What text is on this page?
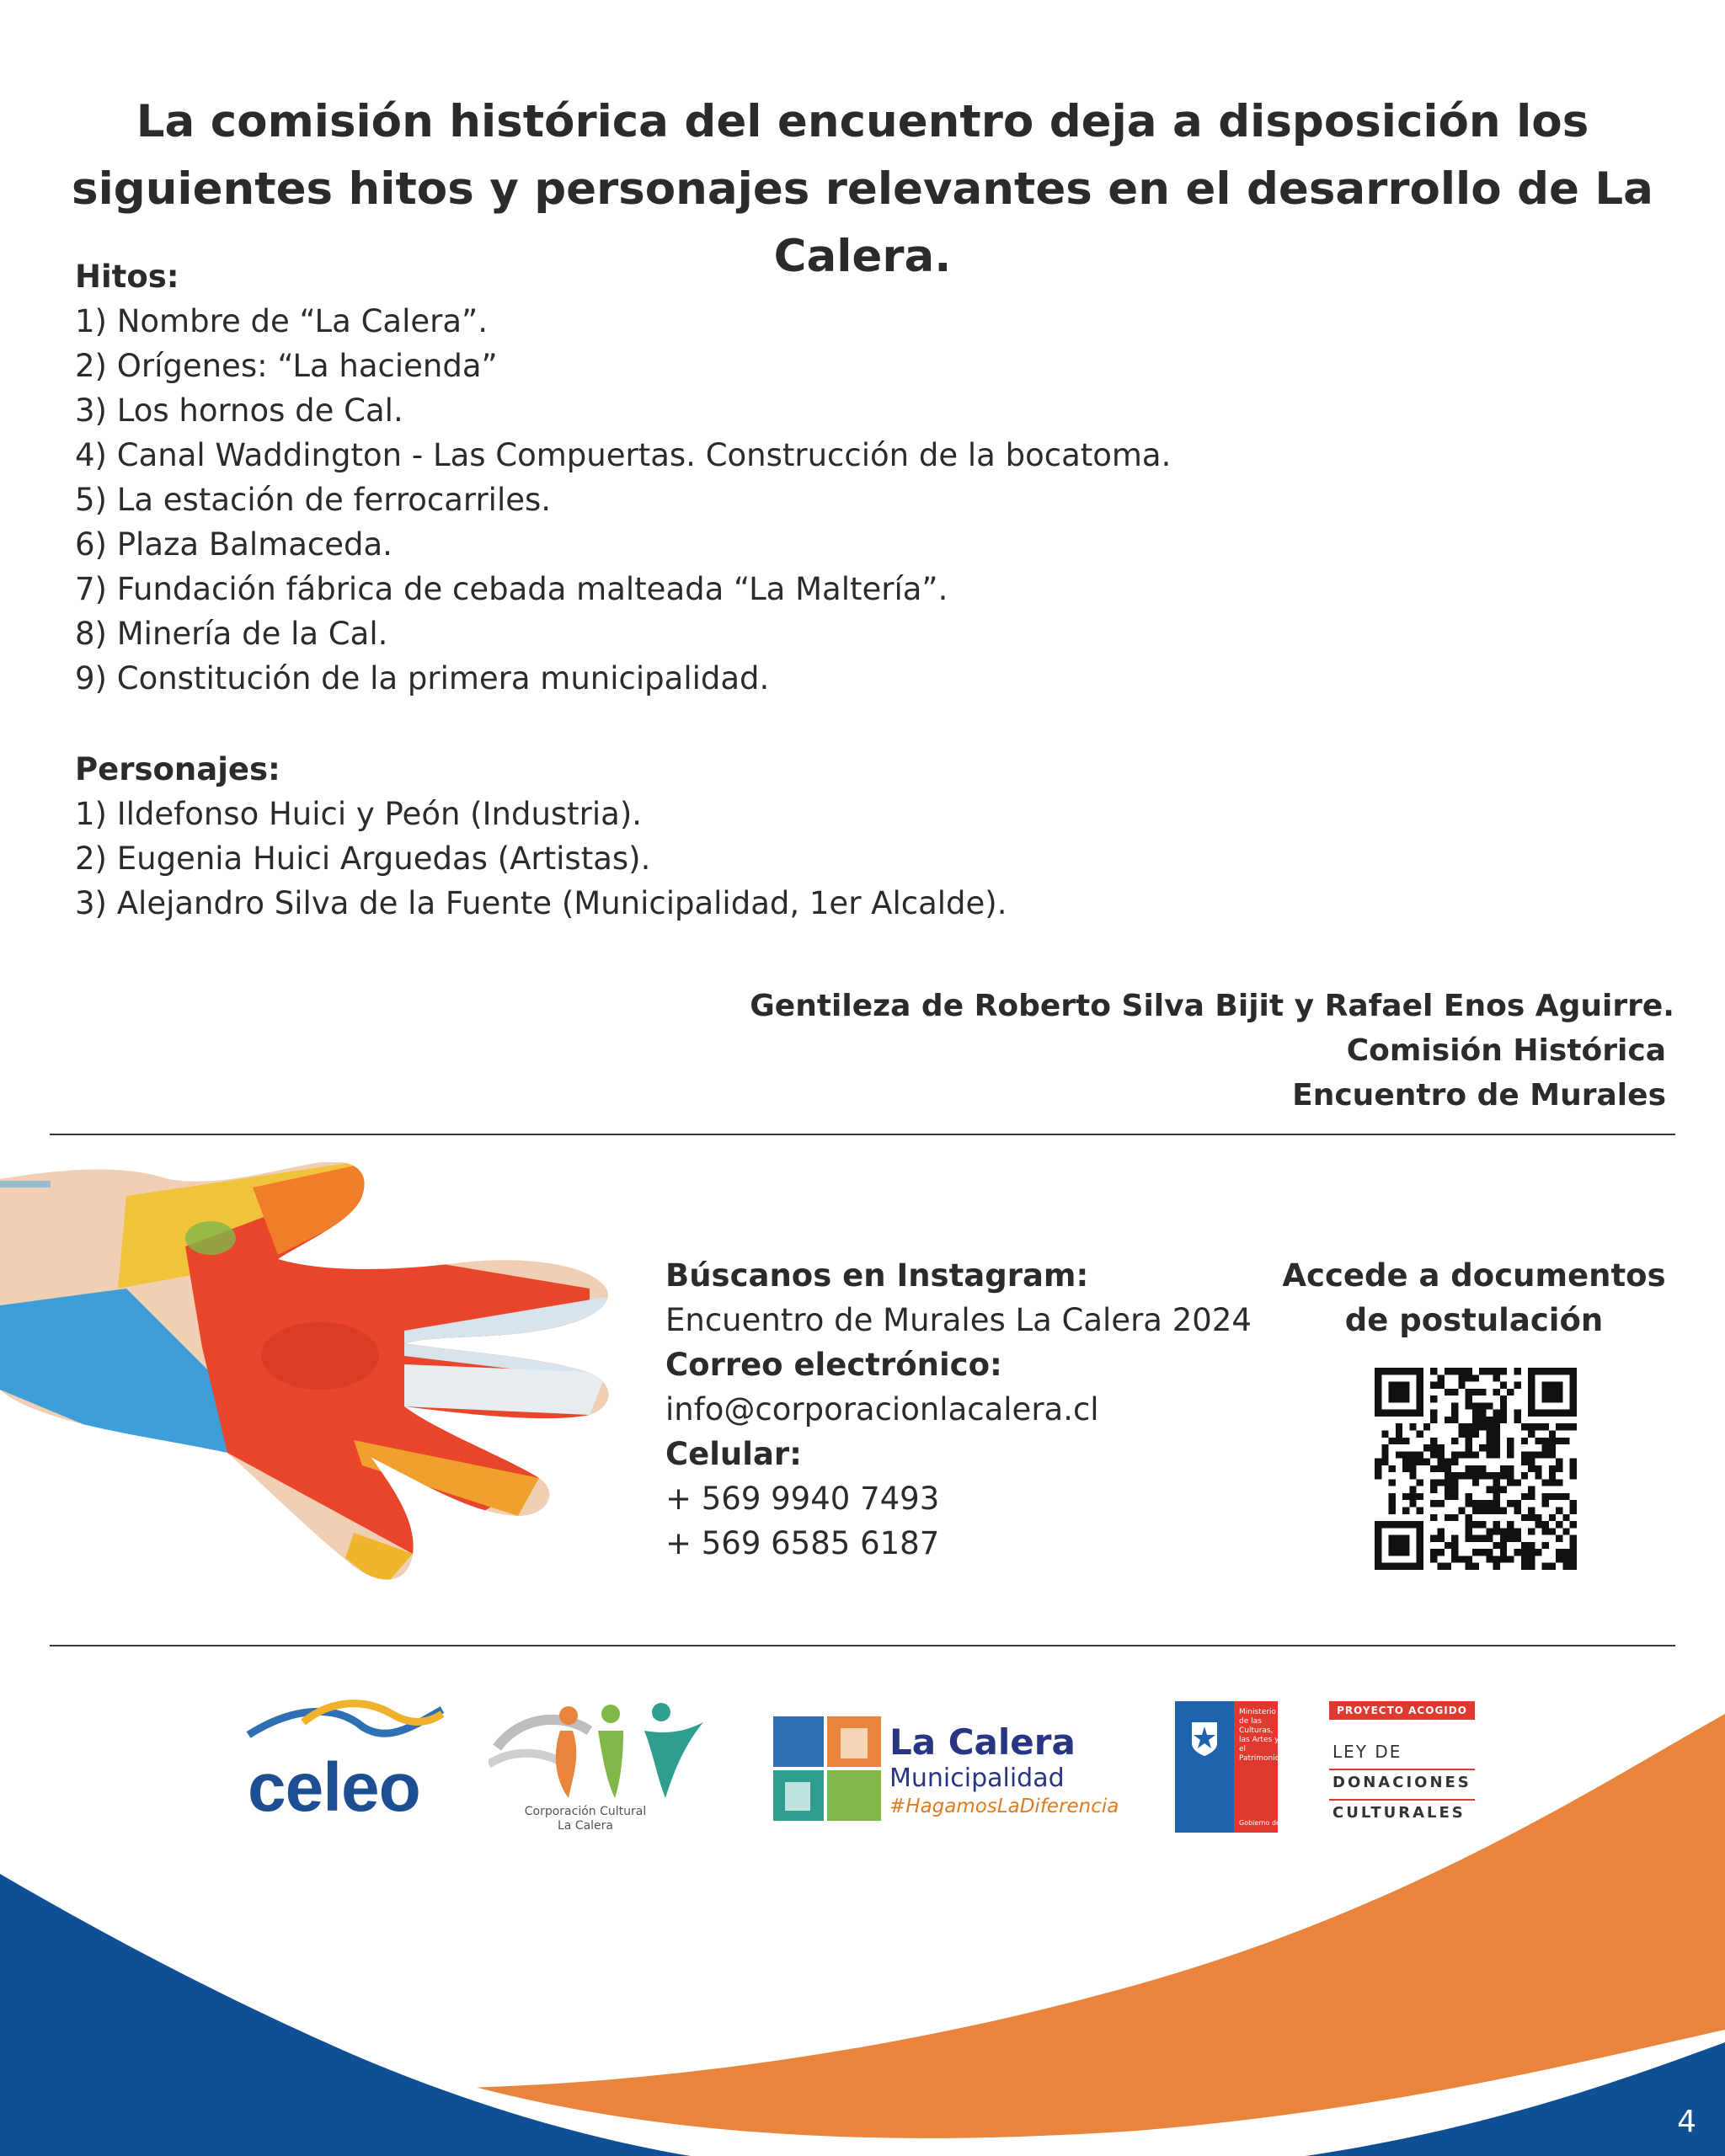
La comisión histórica del encuentro deja a disposición los siguientes hitos y personajes relevantes en el desarrollo de La Calera.
Hitos:
1) Nombre de “La Calera”.
2) Orígenes: “La hacienda”
3) Los hornos de Cal.
4) Canal Waddington - Las Compuertas. Construcción de la bocatoma.
5) La estación de ferrocarriles.
6) Plaza Balmaceda.
7) Fundación fábrica de cebada malteada “La Maltería”.
8) Minería de la Cal.
9) Constitución de la primera municipalidad.
Personajes:
1) Ildefonso Huici y Peón (Industria).
2) Eugenia Huici Arguedas (Artistas).
3) Alejandro Silva de la Fuente (Municipalidad, 1er Alcalde).
Gentileza de Roberto Silva Bijit y Rafael Enos Aguirre.
Comisión Histórica
Encuentro de Murales
Búscanos en Instagram:
Encuentro de Murales La Calera 2024
Correo electrónico:
info@corporacionlacalera.cl
Celular:
+ 569 9940 7493
+ 569 6585 6187
Accede a documentos
de postulación
4
celeo	Corporación Cultural La Calera
La Calera
Municipalidad
#HagamosLaDiferencia
Ministerio de las Culturas, las Artes y el Patrimonio
Gobierno de Chile
PROYECTO ACOGIDO
LEY DE
DONACIONES
CULTURALES
